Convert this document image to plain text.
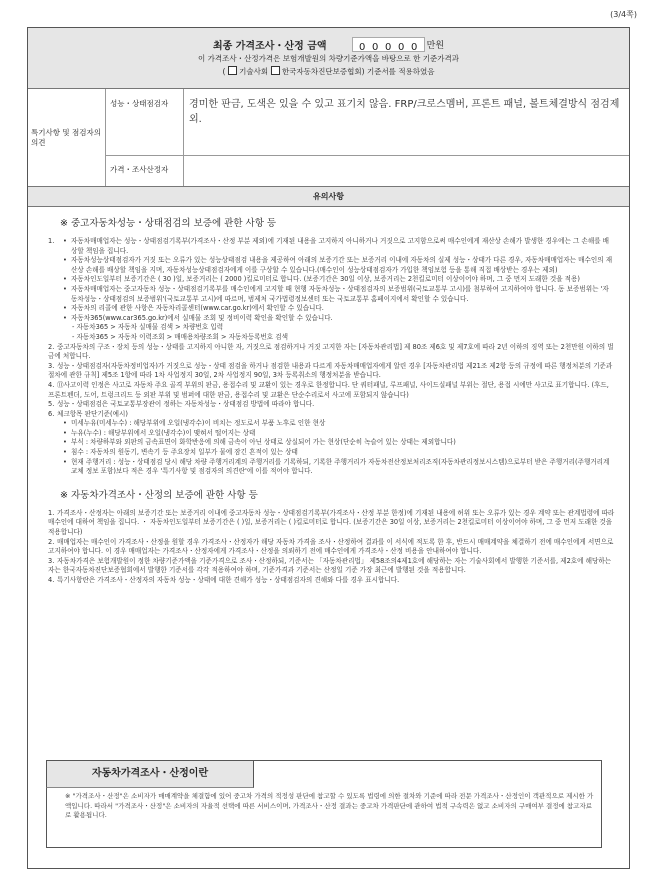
(3/4쪽)
최종 가격조사・산정 금액	0 0 0 0 0 만원
이 가격조사・산정가격은 보험개발원의 차량기준가액을 바탕으로 한 기준가격과
( 기술사회 한국자동차진단보증협회) 기준서를 적용하였음
특기사항 및 점검자의 의견
성능・상태점검자	경미한 판금, 도색은 있을 수 있고 표기치 않음. FRP/크로스멤버, 프론트 패널, 볼트체결방식 점검제외.
가격・조사산정자
유의사항
※ 중고자동차성능・상태점검의 보증에 관한 사항 등
1.
•	자동차매매업자는 성능・상태점검기록부(가격조사・산정 부분 제외)에 기재된 내용을 고지하지 아니하거나 거짓으로 고지함으로써 매수인에게 재산상 손해가 발생한 경우에는 그 손해를 배상할 책임을 집니다.
• 자동차성능상태점검자가 거짓 또는 오류가 있는 성능상태점검 내용을 제공하여 아래의 보증기간 또는 보증거리 이내에 자동차의 실제 성능・상태가 다른 경우, 자동차매매업자는 매수인의 재산상 손해를 배상할 책임을 지며, 자동차성능상태점검자에게 이를 구상할 수 있습니다.(매수인이 성능상태점검자가 가입한 책임보험 등을 통해 직접 배상받는 경우는 제외)
• 자동차인도일부터 보증기간은 ( 30 )일, 보증거리는 ( 2000 )킬로미터로 합니다. (보증기간은 30일 이상, 보증거리는 2천킬로미터 이상이어야 하며, 그 중 먼저 도래한 것을 적용)
• 자동차매매업자는 중고자동차 성능・상태점검기록부를 매수인에게 고지할 때 현행 자동차성능・상태점검자의 보증범위(국토교통부 고시)를 첨부하여 고지하여야 합니다. 동 보증범위는 '자동차성능・상태점검의 보증범위'(국토교통부 고시)에 따르며, 범제처 국가법령정보센터 또는 국토교통부 홈페이지에서 확인할 수 있습니다.
• 자동차의 리콜에 관한 사항은 자동차리콜센터(www.car.go.kr)에서 확인할 수 있습니다.
• 자동차365(www.car365.go.kr)에서 실매물 조회 및 정비이력 확인을 확인할 수 있습니다.
- 자동차365 > 자동차 실매물 검색 > 차량번호 입력
- 자동차365 > 자동차 이력조회 > 매매용차량조회 > 자동차등록번호 검색
2. 중고자동차의 구조・장치 등의 성능・상태를 고지하지 아니한 자, 거짓으로 점검하거나 거짓 고지한 자는 [자동차관리법] 제 80조 제6호 및 제7호에 따라 2년 이하의 징역 또는 2천만원 이하의 벌금에 처합니다.
3. 성능・상태점검자(자동차정비업자)가 거짓으로 성능・상태 점검을 하거나 점검한 내용과 다르게 자동차매매업자에게 알린 경우 [자동차관리법 제21조 제2항 등의 규정에 따른 행정처분의 기준과 절차에 관한 규칙] 제5조 1항에 따라 1차 사업정지 30일, 2차 사업정지 90일, 3차 등록취소의 행정처분을 받습니다.
4. ⑪사고이력 인정은 사고로 자동차 주요 골격 부위의 판금, 용접수리 및 교환이 있는 경우로 한정합니다. 단 쿼터패널, 루프패널, 사이드실패널 부위는 절단, 용접 시에만 사고로 표기합니다. (후드, 프론트펜더, 도어, 트렁크리드 등 외판 부위 및 범퍼에 대한 판금, 용접수리 및 교환은 단순수리로서 사고에 포함되지 않습니다)
5. 성능・상태점검은 국토교통부장관이 정하는 자동차성능・상태점검 방법에 따라야 합니다.
6. 체크항목 판단기준(예시)
• 미세누유(미세누수) : 해당부위에 오일(냉각수)이 비치는 정도로서 부품 노후로 인한 현상
• 누유(누수) : 해당부위에서 오일(냉각수)이 맺혀서 떨어지는 상태
• 부식 : 차량하부와 외판의 금속표면이 화학반응에 의해 금속이 아닌 상태로 상실되어 가는 현상(단순히 녹슬어 있는 상태는 제외합니다)
• 침수 : 자동차의 원동기, 변속기 등 주요장치 일부가 물에 잠긴 흔적이 있는 상태
• 현재 주행거리 : 성능・상태점검 당시 해당 차량 주행거리계의 주행거리를 기록하되, 기록한 주행거리가 자동차전산정보처리조직(자동차관리정보시스템)으로부터 받은 주행거리(주행거리계 교체 정보 포함)보다 적은 경우 '특기사항 및 점검자의 의견란'에 이를 적어야 합니다.
※ 자동차가격조사・산정의 보증에 관한 사항 등
1. 가격조사・산정자는 아래의 보증기간 또는 보증거리 이내에 중고자동차 성능・상태점검기록부(가격조사・산정 부분 한정)에 기재된 내용에 허위 또는 오류가 있는 경우 계약 또는 관계법령에 따라 매수인에 대하여 책임을 집니다. ・ 자동차인도일부터 보증기간은 ( )일, 보증거리는 ( )킬로미터로 합니다. (보증기간은 30일 이상, 보증거리는 2천킬로미터 이상이어야 하며, 그 중 먼저 도래한 것을 적용합니다)
2. 매매업자는 매수인이 가격조사・산정을 원할 경우 가격조사・산정자가 해당 자동차 가격을 조사・산정하여 결과를 이 서식에 적도록 한 후, 반드시 매매계약을 체결하기 전에 매수인에게 서면으로 고지하여야 합니다. 이 경우 매매업자는 가격조사・산정자에게 가격조사・산정을 의뢰하기 전에 매수인에게 가격조사・산정 비용을 안내하여야 합니다.
3. 자동차가격은 보험개발원이 정한 차량기준가액을 기준가격으로 조사・산정하되, 기준서는 「자동차관리법」 제58조의4제1호에 해당하는 자는 기술사회에서 발행한 기준서를, 제2호에 해당하는 자는 한국자동차진단보증협회에서 발행한 기준서를 각각 적용하여야 하며, 기준가격과 기준서는 산정일 기준 가장 최근에 발행된 것을 적용합니다.
4. 특기사항란은 가격조사・산정자의 자동차 성능・상태에 대한 견해가 성능・상태점검자의 견해와 다를 경우 표시합니다.
자동차가격조사・산정이란
※ "가격조사・산정"은 소비자가 매매계약을 체결함에 있어 중고차 가격의 적정성 판단에 참고할 수 있도록 법령에 의한 절차와 기준에 따라 전문 가격조사・산정인이 객관적으로 제시한 가액입니다. 따라서 "가격조사・산정"은 소비자의 자율적 선택에 따른 서비스이며, 가격조사・산정 결과는 중고차 가격판단에 관하여 법적 구속력은 없고 소비자의 구매여부 결정에 참고자료로 활용됩니다.
